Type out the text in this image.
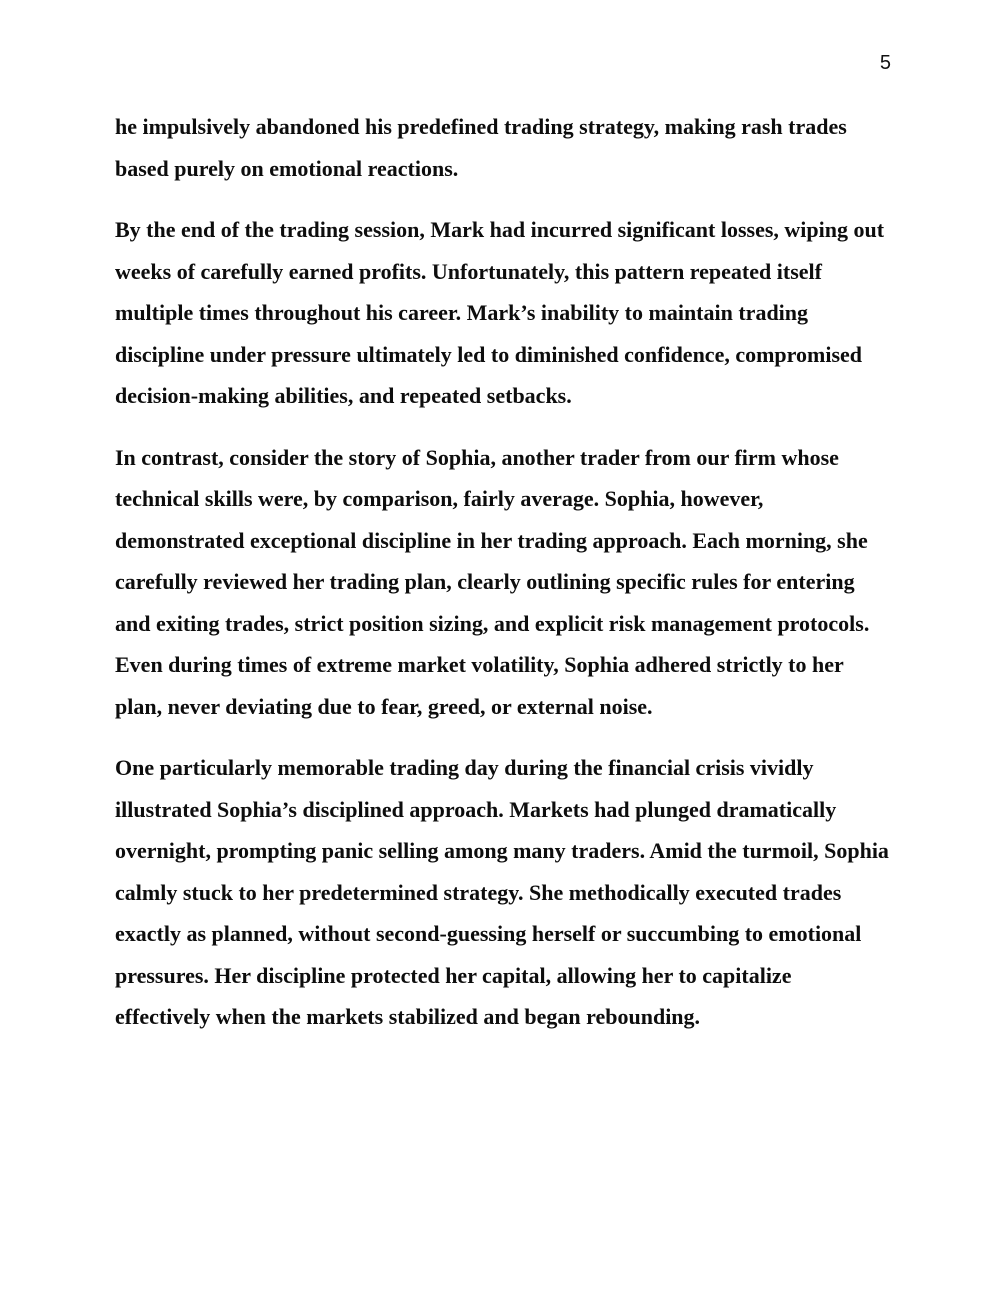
5

he impulsively abandoned his predefined trading strategy, making rash trades based purely on emotional reactions.

By the end of the trading session, Mark had incurred significant losses, wiping out weeks of carefully earned profits. Unfortunately, this pattern repeated itself multiple times throughout his career. Mark’s inability to maintain trading discipline under pressure ultimately led to diminished confidence, compromised decision-making abilities, and repeated setbacks.

In contrast, consider the story of Sophia, another trader from our firm whose technical skills were, by comparison, fairly average. Sophia, however, demonstrated exceptional discipline in her trading approach. Each morning, she carefully reviewed her trading plan, clearly outlining specific rules for entering and exiting trades, strict position sizing, and explicit risk management protocols. Even during times of extreme market volatility, Sophia adhered strictly to her plan, never deviating due to fear, greed, or external noise.

One particularly memorable trading day during the financial crisis vividly illustrated Sophia’s disciplined approach. Markets had plunged dramatically overnight, prompting panic selling among many traders. Amid the turmoil, Sophia calmly stuck to her predetermined strategy. She methodically executed trades exactly as planned, without second-guessing herself or succumbing to emotional pressures. Her discipline protected her capital, allowing her to capitalize effectively when the markets stabilized and began rebounding.
